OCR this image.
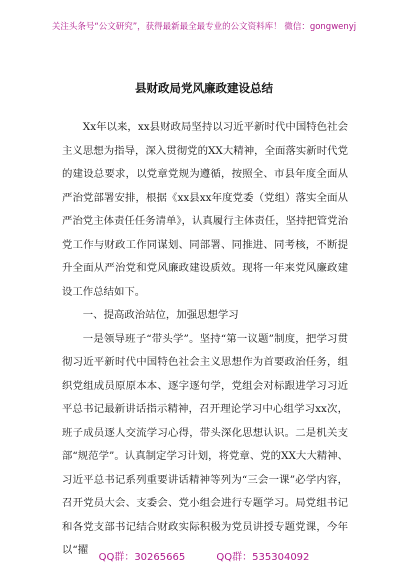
关注头条号“公文研究”，获得最新最全最专业的公文资料库！ 微信：gongwenyj
县财政局党风廉政建设总结

Xx年以来，xx县财政局坚持以习近平新时代中国特色社会主义思想为指导，深入贯彻党的XX大精神，全面落实新时代党的建设总要求，以党章党规为遵循，按照全、市县年度全面从严治党部署安排，根据《xx县xx年度党委（党组）落实全面从严治党主体责任任务清单》，认真履行主体责任，坚持把管党治党工作与财政工作同谋划、同部署、同推进、同考核，不断提升全面从严治党和党风廉政建设质效。现将一年来党风廉政建设工作总结如下。

一、提高政治站位，加强思想学习

一是领导班子“带头学”。坚持“第一议题”制度，把学习贯彻习近平新时代中国特色社会主义思想作为首要政治任务，组织党组成员原原本本、逐字逐句学，党组会对标跟进学习习近平总书记最新讲话指示精神，召开理论学习中心组学习xx次，班子成员逐人交流学习心得，带头深化思想认识。二是机关支部“规范学”。认真制定学习计划，将党章、党的XX大大精神、习近平总书记系列重要讲话精神等列为“三会一课”必学内容，召开党员大会、支委会、党小组会进行专题学习。局党组书记和各党支部书记结合财政实际积极为党员讲授专题党课，今年以“擢

QQ群：30265665	QQ群：535304092
